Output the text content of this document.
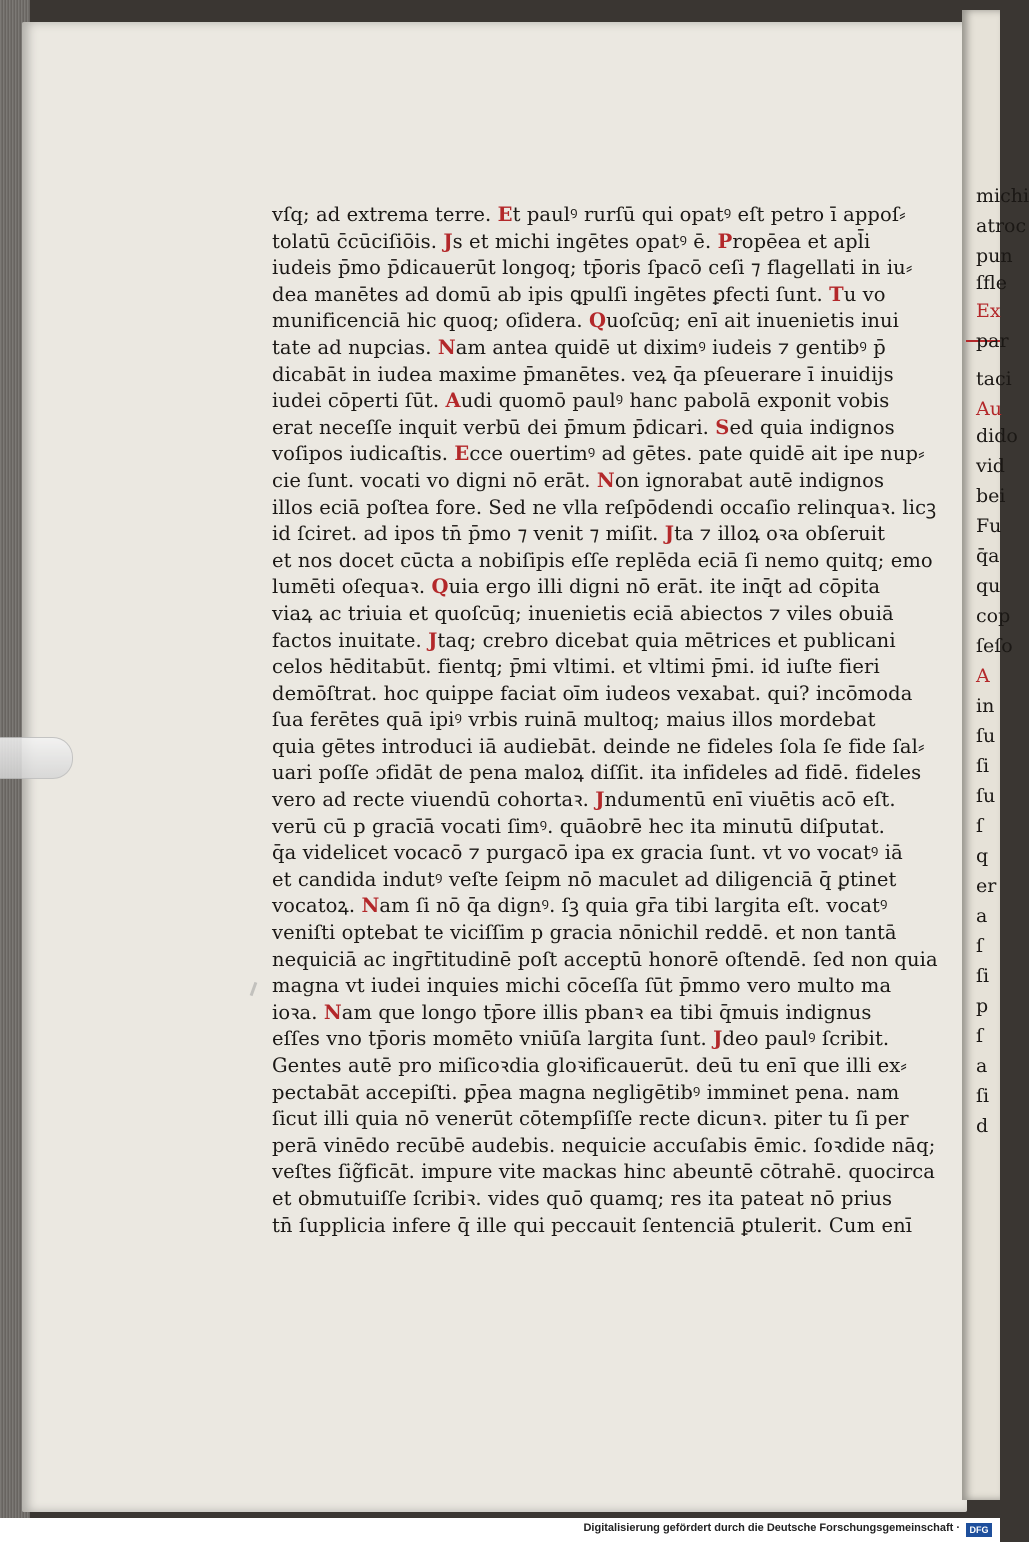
vſq; ad extrema terre. Et paulꝰ rurſū qui opatꝰ eſt petro ī appoſ⸗
tolatū c̄cūciſiōis. Js et michi ingētes opatꝰ ē. Propēea et apl̄i
iudeis p̄mo p̄dicauerūt longoq; tp̄oris ſpacō ceſi ⁊ flagellati in iu⸗
dea manētes ad domū ab ipis ꝗpulſi ingētes ꝑfecti ſunt. Tu vo
munificenciā hic quoq; oſidera. Quoſcūq; enī ait inuenietis inui
tate ad nupcias. Nam antea quidē ut diximꝰ iudeis ⁊ gentibꝰ p̄
dicabāt in iudea maxime p̄manētes. veꝝ q̄a pſeuerare ī inuidijs
iudei cōperti ſūt. Audi quomō paulꝰ hanc pabolā exponit vobis
erat neceſſe inquit verbū dei p̄mum p̄dicari. Sed quia indignos
voſipos iudicaſtis. Ecce ouertimꝰ ad gētes. pate quidē ait ipe nup⸗
cie ſunt. vocati vo digni nō erāt. Non ignorabat autē indignos
illos eciā poſtea fore. Sed ne vlla reſpōdendi occaſio relinquaꝛ. licꝫ
id ſciret. ad ipos tn̄ p̄mo ⁊ venit ⁊ miſit. Jta ⁊ illoꝝ oꝛa obſeruit
et nos docet cūcta a nobiſipis eſſe replēda eciā ſi nemo quitq; emo
lumēti oſequaꝛ. Quia ergo illi digni nō erāt. ite inq̄t ad cōpita
viaꝝ ac triuia et quoſcūq; inuenietis eciā abiectos ⁊ viles obuiā
factos inuitate. Jtaq; crebro dicebat quia mētrices et publicani
celos hēditabūt. fientq; p̄mi vltimi. et vltimi p̄mi. id iuſte fieri
demōſtrat. hoc quippe faciat oīm iudeos vexabat. qui? incōmoda
ſua ferētes quā ipiꝰ vrbis ruinā multoq; maius illos mordebat
quia gētes introduci iā audiebāt. deinde ne fideles ſola ſe fide ſal⸗
uari poſſe ɔfidāt de pena maloꝝ diſſit. ita infideles ad fidē. fideles
vero ad recte viuendū cohortaꝛ. Jndumentū enī viuētis acō eſt.
verū cū p gracīā vocati ſimꝰ. quāobrē hec ita minutū diſputat.
q̄a videlicet vocacō ⁊ purgacō ipa ex gracia ſunt. vt vo vocatꝰ iā
et candida indutꝰ veſte ſeipm nō maculet ad diligenciā q̄ ꝑtinet
vocatoꝝ. Nam ſi nō q̄a dignꝰ. ſꝫ quia gr̄a tibi largita eſt. vocatꝰ
veniſti optebat te viciſſim p gracia nōnichil reddē. et non tantā
nequiciā ac ingr̄titudinē poſt acceptū honorē oſtendē. ſed non quia
magna vt iudei inquies michi cōceſſa ſūt p̄mmo vero multo ma
ioꝛa. Nam que longo tp̄ore illis pbanꝛ ea tibi q̄muis indignus
eſſes vno tp̄oris momēto vniūſa largita ſunt. Jdeo paulꝰ ſcribit.
Gentes autē pro miſicoꝛdia gloꝛificauerūt. deū tu enī que illi ex⸗
pectabāt accepiſti. ꝑp̄ea magna negligētibꝰ imminet pena. nam
ſicut illi quia nō venerūt cōtempſiſſe recte dicunꝛ. piter tu ſi per
perā vinēdo recūbē audebis. nequicie accuſabis ēmic. ſoꝛdide nāq;
veſtes ſig̃ficāt. impure vite mackas hinc abeuntē cōtrahē. quocirca
et obmutuiſſe ſcribiꝛ. vides quō quamq; res ita pateat nō prius
tn̄ ſupplicia infere q̄ ille qui peccauit ſentenciā ꝑtulerit. Cum enī
michi
atroc
pun
ſfle
Ex
par
taci
Au
dido
vid
bei
Fu
q̄a
qu
cop
ſeſo
A
in
ſu
ſi
ſu
ſ
q
er
a
ſ
ſi
p
ſ
a
ſi
d
Digitalisierung gefördert durch die Deutsche Forschungsgemeinschaft ·	DFG
